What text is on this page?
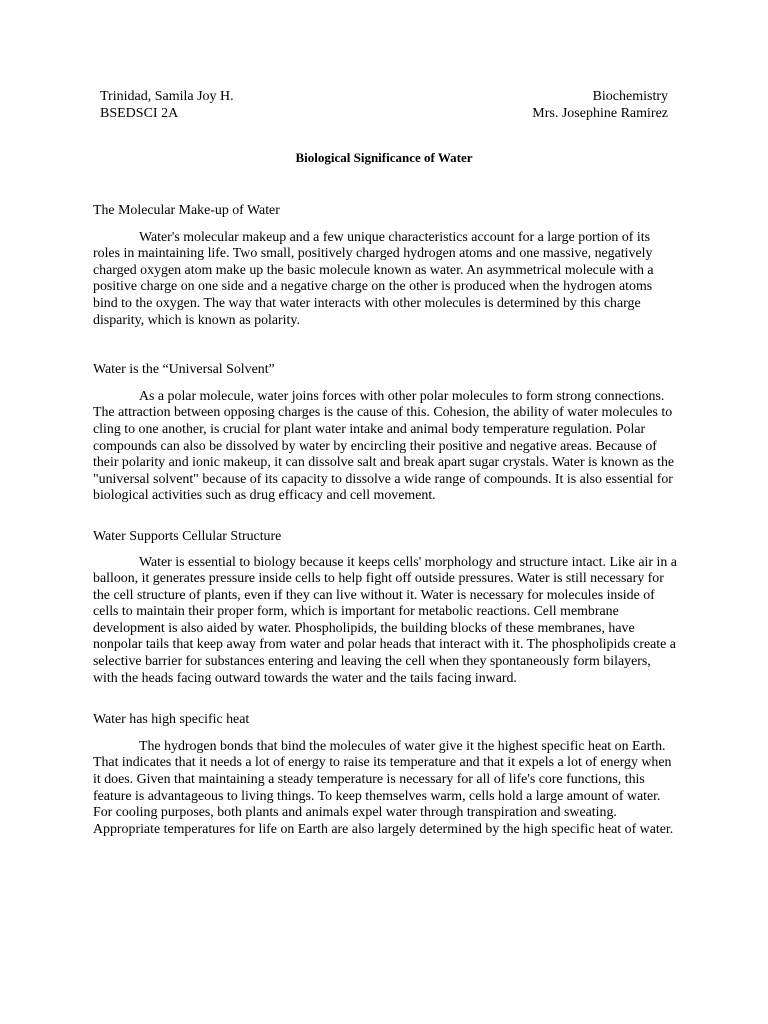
Trinidad, Samila Joy H.
BSEDSCI 2A
Biochemistry
Mrs. Josephine Ramirez
Biological Significance of Water
The Molecular Make-up of Water

Water's molecular makeup and a few unique characteristics account for a large portion of its roles in maintaining life. Two small, positively charged hydrogen atoms and one massive, negatively charged oxygen atom make up the basic molecule known as water. An asymmetrical molecule with a positive charge on one side and a negative charge on the other is produced when the hydrogen atoms bind to the oxygen. The way that water interacts with other molecules is determined by this charge disparity, which is known as polarity.

Water is the “Universal Solvent”

As a polar molecule, water joins forces with other polar molecules to form strong connections. The attraction between opposing charges is the cause of this. Cohesion, the ability of water molecules to cling to one another, is crucial for plant water intake and animal body temperature regulation. Polar compounds can also be dissolved by water by encircling their positive and negative areas. Because of their polarity and ionic makeup, it can dissolve salt and break apart sugar crystals. Water is known as the "universal solvent" because of its capacity to dissolve a wide range of compounds. It is also essential for biological activities such as drug efficacy and cell movement.

Water Supports Cellular Structure

Water is essential to biology because it keeps cells' morphology and structure intact. Like air in a balloon, it generates pressure inside cells to help fight off outside pressures. Water is still necessary for the cell structure of plants, even if they can live without it. Water is necessary for molecules inside of cells to maintain their proper form, which is important for metabolic reactions. Cell membrane development is also aided by water. Phospholipids, the building blocks of these membranes, have nonpolar tails that keep away from water and polar heads that interact with it. The phospholipids create a selective barrier for substances entering and leaving the cell when they spontaneously form bilayers, with the heads facing outward towards the water and the tails facing inward.

Water has high specific heat

The hydrogen bonds that bind the molecules of water give it the highest specific heat on Earth. That indicates that it needs a lot of energy to raise its temperature and that it expels a lot of energy when it does. Given that maintaining a steady temperature is necessary for all of life's core functions, this feature is advantageous to living things. To keep themselves warm, cells hold a large amount of water. For cooling purposes, both plants and animals expel water through transpiration and sweating. Appropriate temperatures for life on Earth are also largely determined by the high specific heat of water.
